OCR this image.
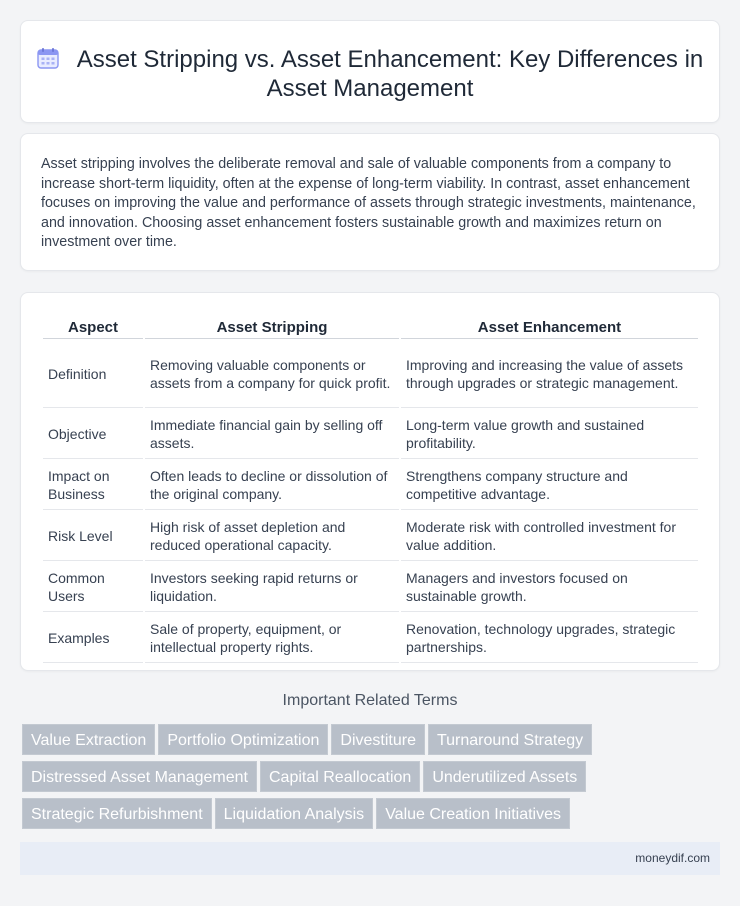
Asset Stripping vs. Asset Enhancement: Key Differences in Asset Management

Asset stripping involves the deliberate removal and sale of valuable components from a company to increase short-term liquidity, often at the expense of long-term viability. In contrast, asset enhancement focuses on improving the value and performance of assets through strategic investments, maintenance, and innovation. Choosing asset enhancement fosters sustainable growth and maximizes return on investment over time.

Aspect	Asset Stripping	Asset Enhancement
Definition	Removing valuable components or assets from a company for quick profit.	Improving and increasing the value of assets through upgrades or strategic management.
Objective	Immediate financial gain by selling off assets.	Long-term value growth and sustained profitability.
Impact on Business	Often leads to decline or dissolution of the original company.	Strengthens company structure and competitive advantage.
Risk Level	High risk of asset depletion and reduced operational capacity.	Moderate risk with controlled investment for value addition.
Common Users	Investors seeking rapid returns or liquidation.	Managers and investors focused on sustainable growth.
Examples	Sale of property, equipment, or intellectual property rights.	Renovation, technology upgrades, strategic partnerships.
Important Related Terms
Value Extraction Portfolio Optimization Divestiture Turnaround Strategy
Distressed Asset Management Capital Reallocation Underutilized Assets
Strategic Refurbishment Liquidation Analysis Value Creation Initiatives
moneydif.com
